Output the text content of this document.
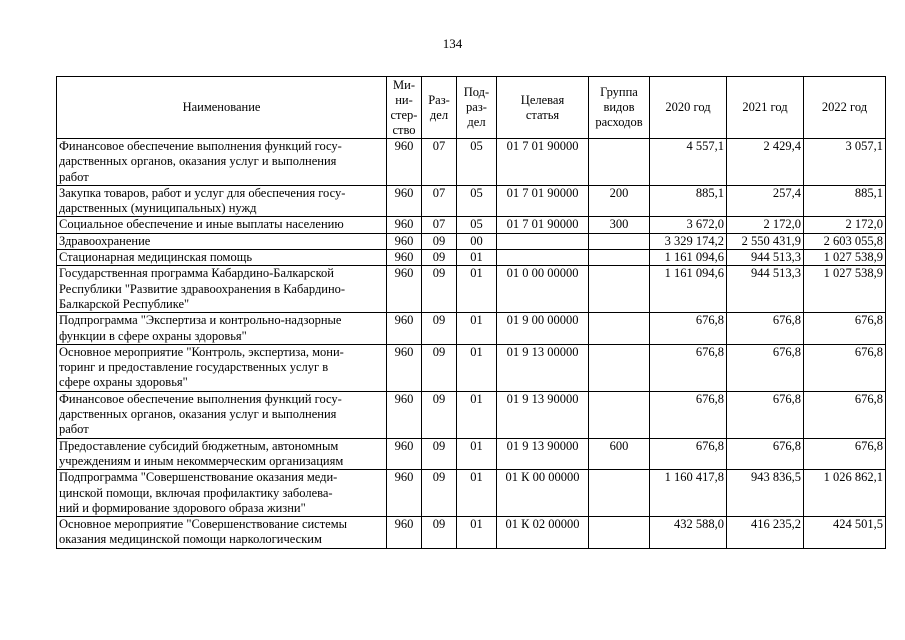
134
Наименование	Ми-
ни-
стер-
ство	Раз-
дел	Под-
раз-
дел	Целевая
статья	Группа
видов
расходов	2020 год	2021 год	2022 год
Финансовое обеспечение выполнения функций госу-
дарственных органов, оказания услуг и выполнения
работ	960	07	05	01 7 01 90000		4 557,1	2 429,4	3 057,1
Закупка товаров, работ и услуг для обеспечения госу-
дарственных (муниципальных) нужд	960	07	05	01 7 01 90000	200	885,1	257,4	885,1
Социальное обеспечение и иные выплаты населению	960	07	05	01 7 01 90000	300	3 672,0	2 172,0	2 172,0
Здравоохранение	960	09	00			3 329 174,2	2 550 431,9	2 603 055,8
Стационарная медицинская помощь	960	09	01			1 161 094,6	944 513,3	1 027 538,9
Государственная программа Кабардино-Балкарской
Республики "Развитие здравоохранения в Кабардино-
Балкарской Республике"	960	09	01	01 0 00 00000		1 161 094,6	944 513,3	1 027 538,9
Подпрограмма "Экспертиза и контрольно-надзорные
функции в сфере охраны здоровья"	960	09	01	01 9 00 00000		676,8	676,8	676,8
Основное мероприятие "Контроль, экспертиза, мони-
торинг и предоставление государственных услуг в
сфере охраны здоровья"	960	09	01	01 9 13 00000		676,8	676,8	676,8
Финансовое обеспечение выполнения функций госу-
дарственных органов, оказания услуг и выполнения
работ	960	09	01	01 9 13 90000		676,8	676,8	676,8
Предоставление субсидий бюджетным, автономным
учреждениям и иным некоммерческим организациям	960	09	01	01 9 13 90000	600	676,8	676,8	676,8
Подпрограмма "Совершенствование оказания меди-
цинской помощи, включая профилактику заболева-
ний и формирование здорового образа жизни"	960	09	01	01 К 00 00000		1 160 417,8	943 836,5	1 026 862,1
Основное мероприятие "Совершенствование системы
оказания медицинской помощи наркологическим	960	09	01	01 К 02 00000		432 588,0	416 235,2	424 501,5
